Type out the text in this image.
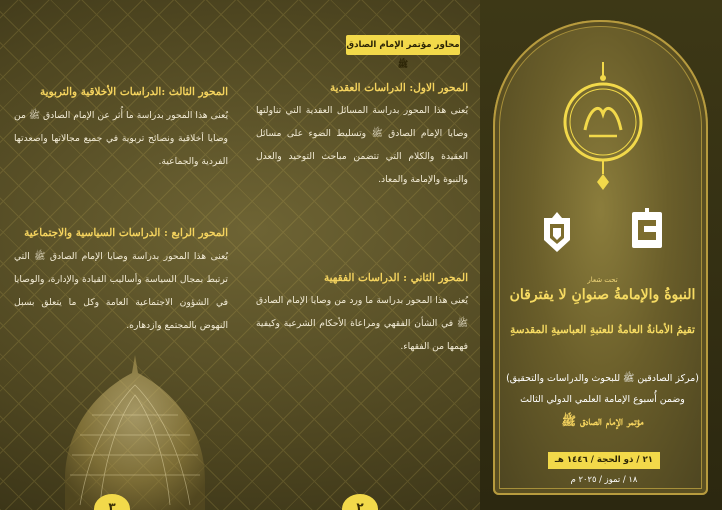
المحور الثالث :الدراسات الأخلاقية والتربوية
يُعنى هذا المحور بدراسة ما أُثر عن الإمام الصادق ﷺ من وصايا أخلاقية ونصائح تربوية في جميع مجالاتها واصعدتها الفردية والجماعية.
المحور الرابع : الدراسات السياسية والاجتماعية
يُعنى هذا المحور بدراسة وصايا الإمام الصادق ﷺ التي ترتبط بمجال السياسة وأساليب القيادة والإدارة، والوصايا في الشؤون الاجتماعية العامة وكل ما يتعلق بسبل النهوض بالمجتمع وازدهاره.
٣
المحور الاول: الدراسات العقدية
يُعنى هذا المحور بدراسة المسائل العقدية التي تناولتها وصايا الإمام الصادق ﷺ وتسليط الضوء على مسائل العقيدة والكلام التي تتضمن مباحث التوحيد والعدل والنبوة والإمامة والمعاد.
المحور الثاني : الدراسات الفقهية
يُعنى هذا المحور بدراسة ما ورد من وصايا الإمام الصادق ﷺ في الشأن الفقهي ومراعاة الأحكام الشرعية وكيفية فهمها من الفقهاء.
٢
محاور مؤتمر الإمام الصادق ﷺ
تحت شعار
النبوةُ والإمامةُ صنوانِ لا يفترقان
تقيمُ الأمانةُ العامةُ للعتبةِ العباسيةِ المقدسةِ
(مركز الصادقين ﷺ للبحوث والدراسات والتحقيق)
وضمن أُسبوع الإمامة العلمي الدولي الثالث
مؤتمر الإمام الصادق ﷺ
٢١ / ذو الحجة / ١٤٤٦ هـ
١٨ / تموز / ٢٠٢٥ م
